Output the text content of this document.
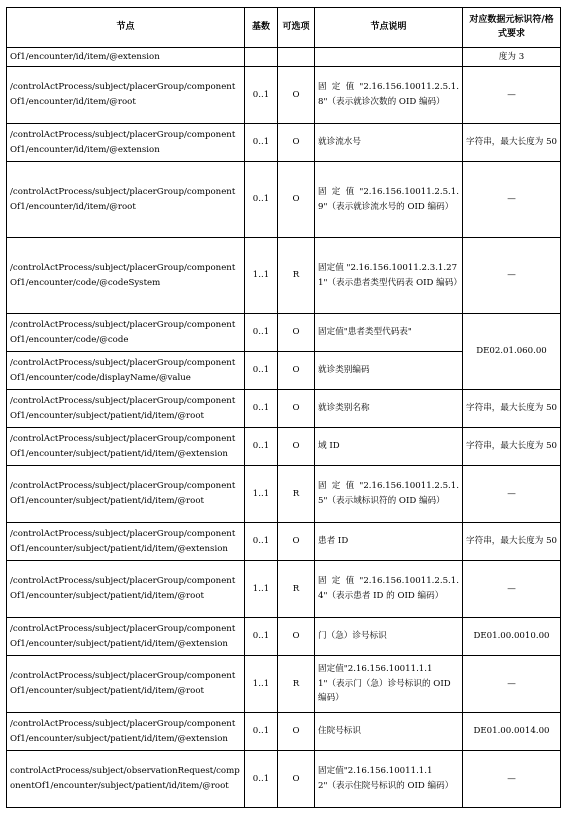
节点	基数	可选项	节点说明	对应数据元标识符/格式要求
Of1/encounter/id/item/@extension				度为 3
/controlActProcess/subject/placerGroup/componentOf1/encounter/id/item/@root	0..1	O	固 定 值 "2.16.156.10011.2.5.1.8"（表示就诊次数的 OID 编码）	—
/controlActProcess/subject/placerGroup/componentOf1/encounter/id/item/@extension	0..1	O	就诊流水号	字符串，最大长度为 50
/controlActProcess/subject/placerGroup/componentOf1/encounter/id/item/@root	0..1	O	固 定 值 "2.16.156.10011.2.5.1.9"（表示就诊流水号的 OID 编码）	—
/controlActProcess/subject/placerGroup/componentOf1/encounter/code/@codeSystem	1..1	R	固定值 "2.16.156.10011.2.3.1.271"（表示患者类型代码表 OID 编码）	—
/controlActProcess/subject/placerGroup/componentOf1/encounter/code/@code	0..1	O	固定值"患者类型代码表"	DE02.01.060.00
/controlActProcess/subject/placerGroup/componentOf1/encounter/code/displayName/@value	0..1	O	就诊类别编码	
/controlActProcess/subject/placerGroup/componentOf1/encounter/subject/patient/id/item/@root	0..1	O	就诊类别名称	字符串，最大长度为 50
/controlActProcess/subject/placerGroup/componentOf1/encounter/subject/patient/id/item/@extension	0..1	O	域 ID	字符串，最大长度为 50
/controlActProcess/subject/placerGroup/componentOf1/encounter/subject/patient/id/item/@root	1..1	R	固 定 值 "2.16.156.10011.2.5.1.5"（表示域标识符的 OID 编码）	—
/controlActProcess/subject/placerGroup/componentOf1/encounter/subject/patient/id/item/@extension	0..1	O	患者 ID	字符串，最大长度为 50
/controlActProcess/subject/placerGroup/componentOf1/encounter/subject/patient/id/item/@root	1..1	R	固 定 值 "2.16.156.10011.2.5.1.4"（表示患者 ID 的 OID 编码）	—
/controlActProcess/subject/placerGroup/componentOf1/encounter/subject/patient/id/item/@extension	0..1	O	门（急）诊号标识	DE01.00.0010.00
/controlActProcess/subject/placerGroup/componentOf1/encounter/subject/patient/id/item/@root	1..1	R	固定值"2.16.156.10011.1.11"（表示门（急）诊号标识的 OID 编码）	—
/controlActProcess/subject/placerGroup/componentOf1/encounter/subject/patient/id/item/@extension	0..1	O	住院号标识	DE01.00.0014.00
controlActProcess/subject/observationRequest/componentOf1/encounter/subject/patient/id/item/@root	0..1	O	固定值"2.16.156.10011.1.12"（表示住院号标识的 OID 编码）	—
